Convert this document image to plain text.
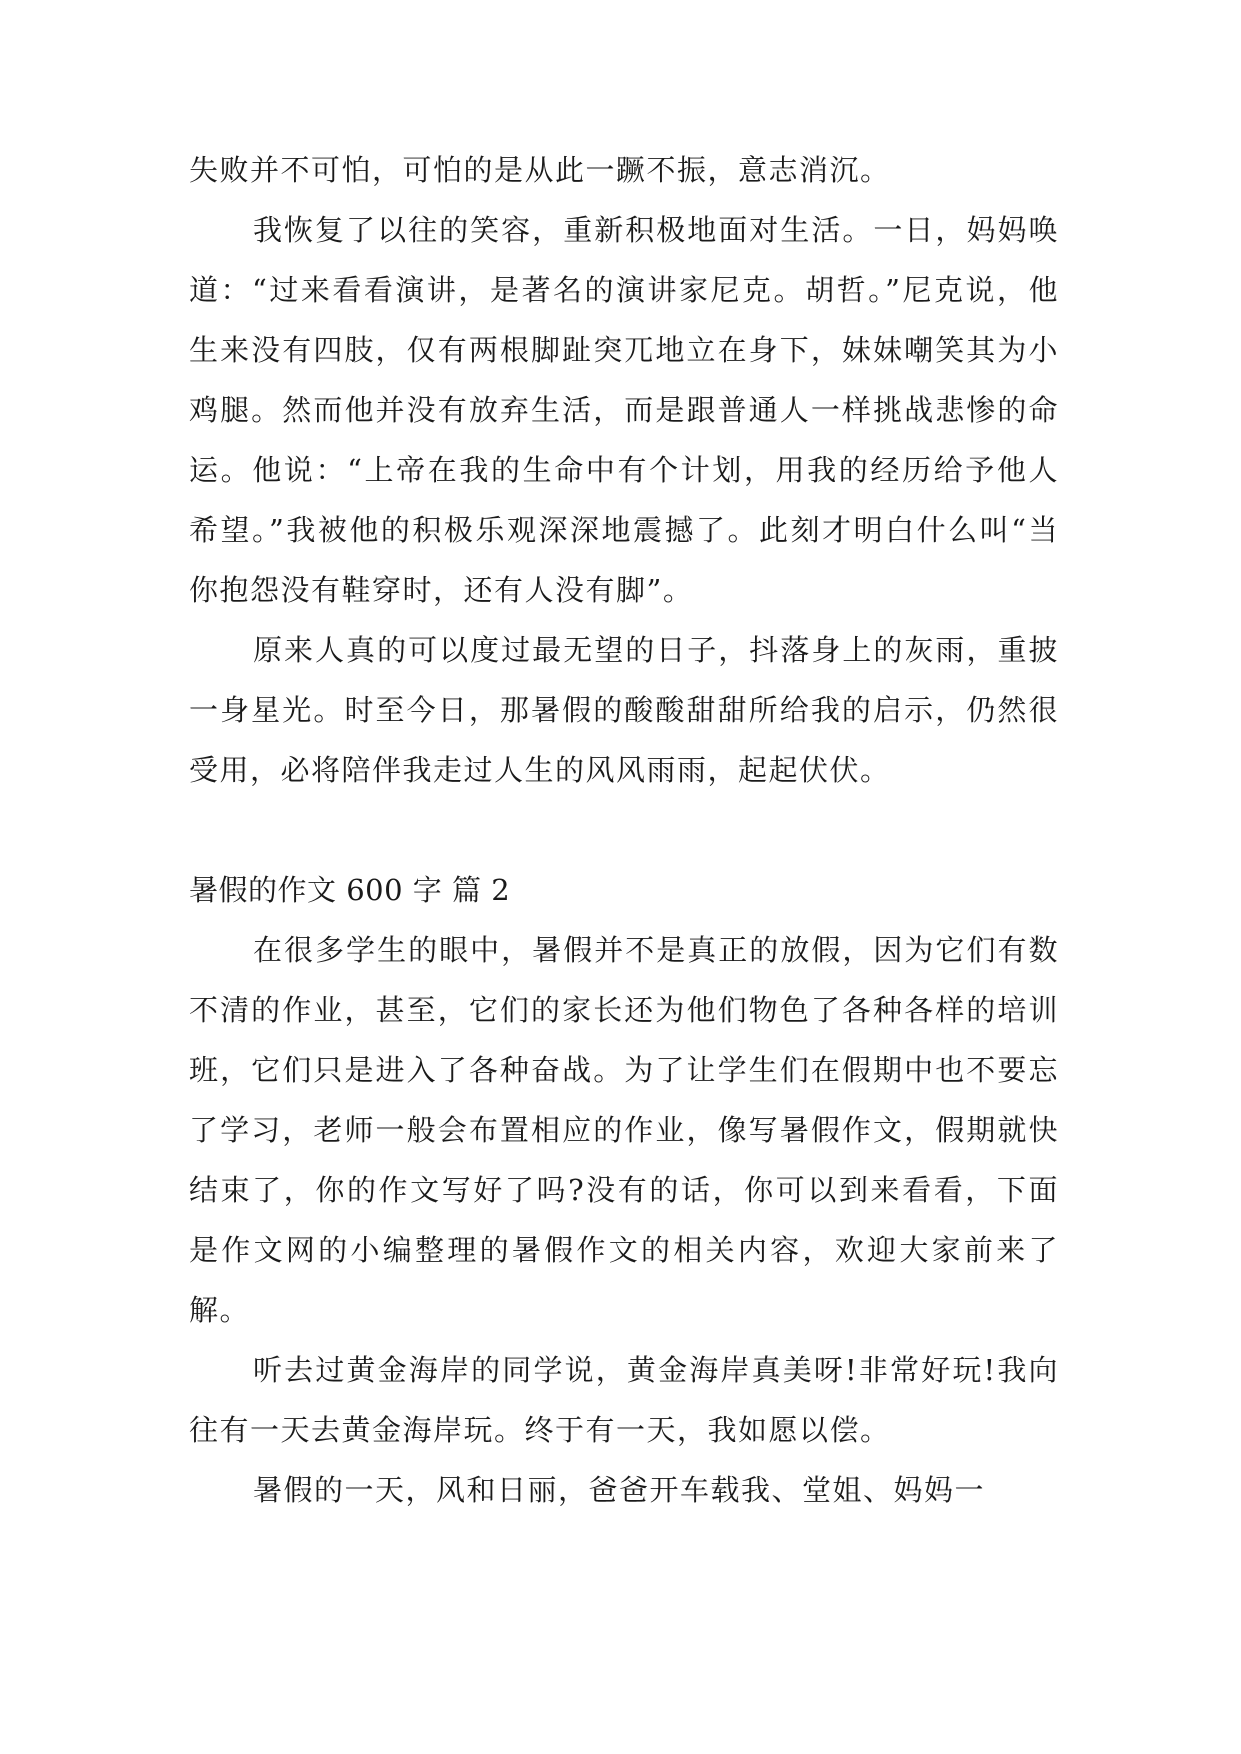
失败并不可怕，可怕的是从此一蹶不振，意志消沉。

我恢复了以往的笑容，重新积极地面对生活。一日，妈妈唤道：“过来看看演讲，是著名的演讲家尼克。胡哲。”尼克说，他生来没有四肢，仅有两根脚趾突兀地立在身下，妹妹嘲笑其为小鸡腿。然而他并没有放弃生活，而是跟普通人一样挑战悲惨的命运。他说：“上帝在我的生命中有个计划，用我的经历给予他人希望。”我被他的积极乐观深深地震撼了。此刻才明白什么叫“当你抱怨没有鞋穿时，还有人没有脚”。

原来人真的可以度过最无望的日子，抖落身上的灰雨，重披一身星光。时至今日，那暑假的酸酸甜甜所给我的启示，仍然很受用，必将陪伴我走过人生的风风雨雨，起起伏伏。

暑假的作文 600 字 篇 2

在很多学生的眼中，暑假并不是真正的放假，因为它们有数不清的作业，甚至，它们的家长还为他们物色了各种各样的培训班，它们只是进入了各种奋战。为了让学生们在假期中也不要忘了学习，老师一般会布置相应的作业，像写暑假作文，假期就快结束了，你的作文写好了吗?没有的话，你可以到来看看，下面是作文网的小编整理的暑假作文的相关内容，欢迎大家前来了解。

听去过黄金海岸的同学说，黄金海岸真美呀!非常好玩!我向往有一天去黄金海岸玩。终于有一天，我如愿以偿。

暑假的一天，风和日丽，爸爸开车载我、堂姐、妈妈一
